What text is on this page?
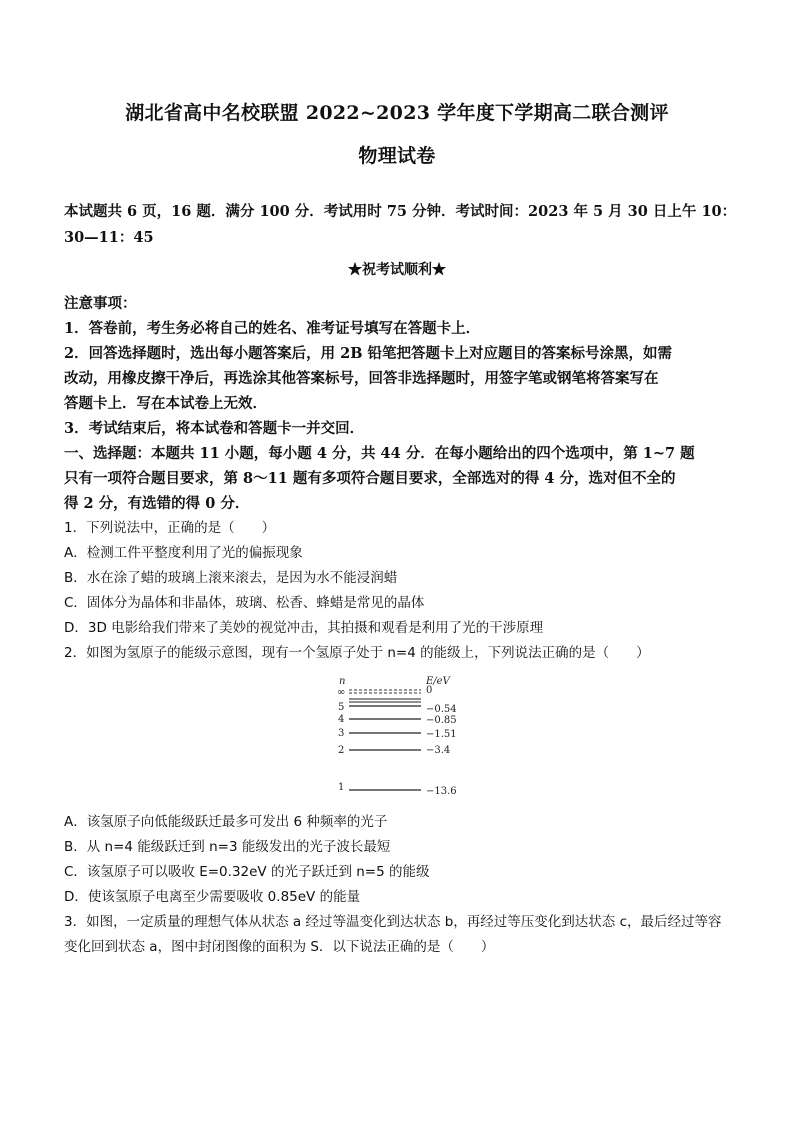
湖北省高中名校联盟 2022~2023 学年度下学期高二联合测评
物理试卷
本试题共 6 页，16 题．满分 100 分．考试用时 75 分钟．考试时间：2023 年 5 月 30 日上午 10：
30—11：45
★祝考试顺利★
注意事项：
1．答卷前，考生务必将自己的姓名、准考证号填写在答题卡上．
2．回答选择题时，选出每小题答案后，用 2B 铅笔把答题卡上对应题目的答案标号涂黑，如需
改动，用橡皮擦干净后，再选涂其他答案标号，回答非选择题时，用签字笔或钢笔将答案写在
答题卡上．写在本试卷上无效．
3．考试结束后，将本试卷和答题卡一并交回．
一、选择题：本题共 11 小题，每小题 4 分，共 44 分．在每小题给出的四个选项中，第 1~7 题
只有一项符合题目要求，第 8～11 题有多项符合题目要求，全部选对的得 4 分，选对但不全的
得 2 分，有选错的得 0 分．
1．下列说法中，正确的是（　　）
A．检测工件平整度利用了光的偏振现象
B．水在涂了蜡的玻璃上滚来滚去，是因为水不能浸润蜡
C．固体分为晶体和非晶体，玻璃、松香、蜂蜡是常见的晶体
D．3D 电影给我们带来了美妙的视觉冲击，其拍摄和观看是利用了光的干涉原理
2．如图为氢原子的能级示意图，现有一个氢原子处于 n=4 的能级上，下列说法正确的是（　　）
n	E/eV
∞	0
5	−0.54
4	−0.85
3	−1.51
2	−3.4
1	−13.6
A．该氢原子向低能级跃迁最多可发出 6 种频率的光子
B．从 n=4 能级跃迁到 n=3 能级发出的光子波长最短
C．该氢原子可以吸收 E=0.32eV 的光子跃迁到 n=5 的能级
D．使该氢原子电离至少需要吸收 0.85eV 的能量
3．如图，一定质量的理想气体从状态 a 经过等温变化到达状态 b，再经过等压变化到达状态 c，最后经过等容
变化回到状态 a，图中封闭图像的面积为 S．以下说法正确的是（　　）
